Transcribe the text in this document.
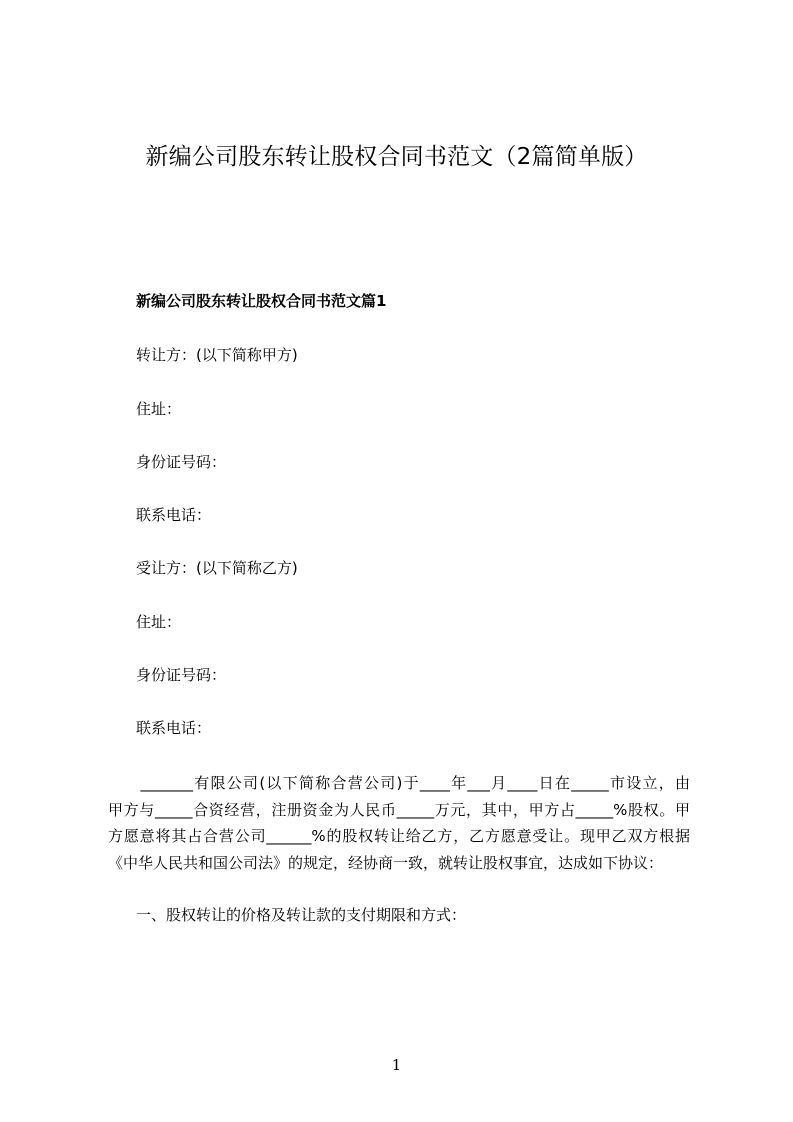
新编公司股东转让股权合同书范文（2篇简单版）
新编公司股东转让股权合同书范文篇1
转让方：(以下简称甲方)
住址：
身份证号码：
联系电话：
受让方：(以下简称乙方)
住址：
身份证号码：
联系电话：
　　_______有限公司(以下简称合营公司)于____年___月____日在_____市设立，由
甲方与_____合资经营，注册资金为人民币_____万元，其中，甲方占_____%股权。甲
方愿意将其占合营公司______%的股权转让给乙方，乙方愿意受让。现甲乙双方根据
《中华人民共和国公司法》的规定，经协商一致，就转让股权事宜，达成如下协议：
一、股权转让的价格及转让款的支付期限和方式：
1
